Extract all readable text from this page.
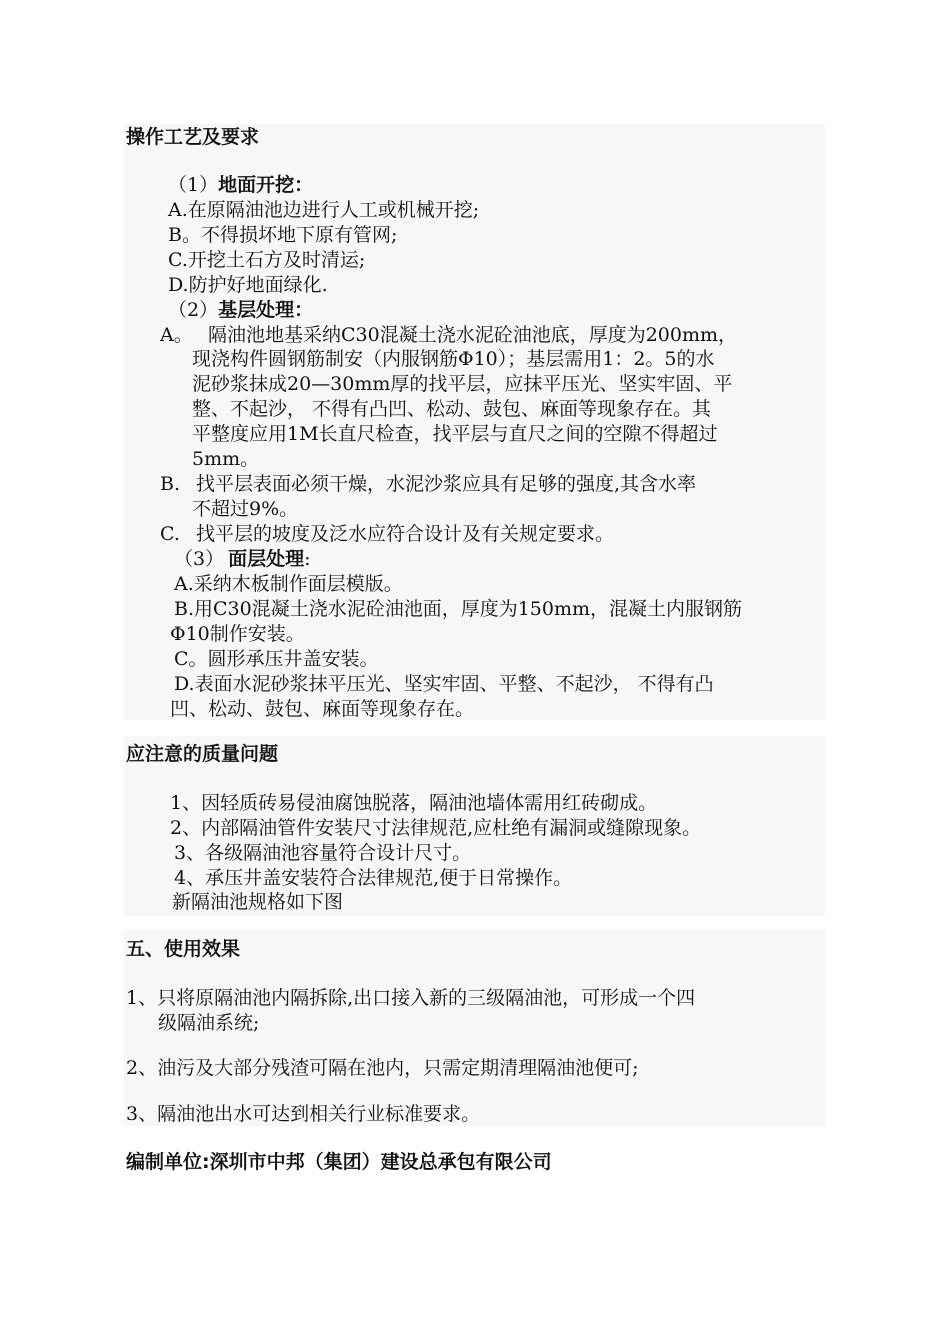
操作工艺及要求
（1）地面开挖：
A.在原隔油池边进行人工或机械开挖;
B。不得损坏地下原有管网;
C.开挖土石方及时清运;
D.防护好地面绿化.
（2）基层处理：
A。 隔油池地基采纳C30混凝土浇水泥砼油池底，厚度为200mm，
现浇构件圆钢筋制安（内服钢筋Φ10）；基层需用1：2。5的水
泥砂浆抹成20—30mm厚的找平层，应抹平压光、坚实牢固、平
整、不起沙， 不得有凸凹、松动、鼓包、麻面等现象存在。其
平整度应用1M长直尺检查，找平层与直尺之间的空隙不得超过
5mm。
B. 找平层表面必须干燥，水泥沙浆应具有足够的强度,其含水率
不超过9%。
C. 找平层的坡度及泛水应符合设计及有关规定要求。
（3） 面层处理:
A.采纳木板制作面层模版。
B.用C30混凝土浇水泥砼油池面，厚度为150mm，混凝土内服钢筋
Φ10制作安装。
C。圆形承压井盖安装。
D.表面水泥砂浆抹平压光、坚实牢固、平整、不起沙， 不得有凸
凹、松动、鼓包、麻面等现象存在。
应注意的质量问题
1、因轻质砖易侵油腐蚀脱落，隔油池墙体需用红砖砌成。
2、内部隔油管件安装尺寸法律规范,应杜绝有漏洞或缝隙现象。
3、各级隔油池容量符合设计尺寸。
4、承压井盖安装符合法律规范,便于日常操作。
新隔油池规格如下图
五、使用效果
1、只将原隔油池内隔拆除,出口接入新的三级隔油池，可形成一个四
级隔油系统;
2、油污及大部分残渣可隔在池内，只需定期清理隔油池便可;
3、隔油池出水可达到相关行业标准要求。
编制单位:深圳市中邦（集团）建设总承包有限公司
